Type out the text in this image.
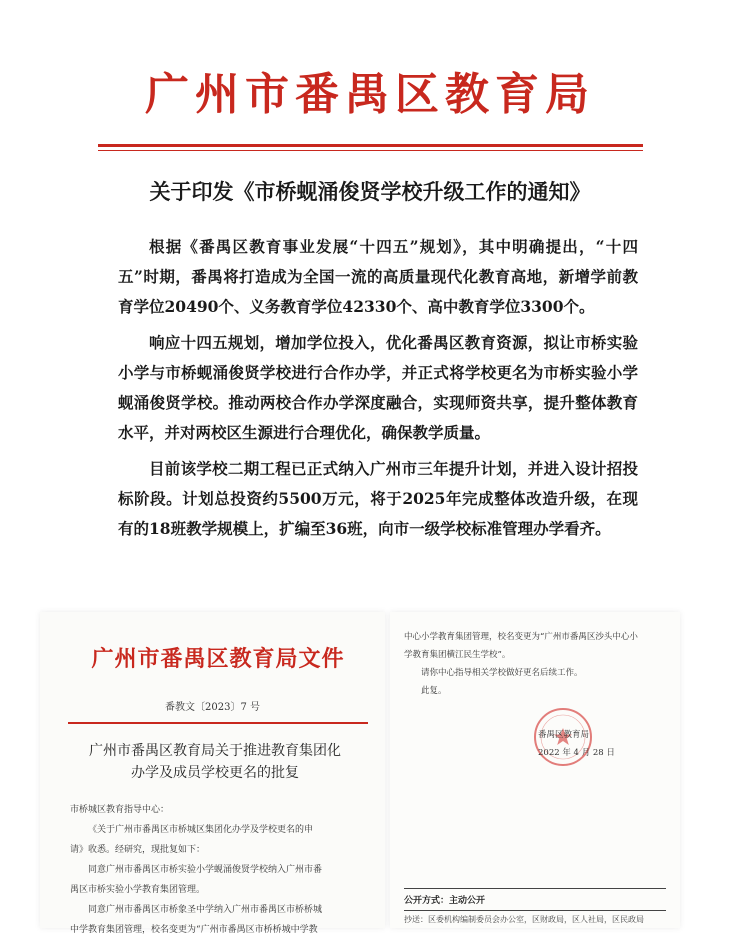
广州市番禺区教育局
关于印发《市桥蚬涌俊贤学校升级工作的通知》

根据《番禺区教育事业发展“十四五”规划》，其中明确提出，“十四五”时期，番禺将打造成为全国一流的高质量现代化教育高地，新增学前教育学位20490个、义务教育学位42330个、高中教育学位3300个。

响应十四五规划，增加学位投入，优化番禺区教育资源，拟让市桥实验小学与市桥蚬涌俊贤学校进行合作办学，并正式将学校更名为市桥实验小学蚬涌俊贤学校。推动两校合作办学深度融合，实现师资共享，提升整体教育水平，并对两校区生源进行合理优化，确保教学质量。

目前该学校二期工程已正式纳入广州市三年提升计划，并进入设计招投标阶段。计划总投资约5500万元，将于2025年完成整体改造升级，在现有的18班教学规模上，扩编至36班，向市一级学校标准管理办学看齐。

广州市番禺区教育局文件
番教文〔2023〕7 号
广州市番禺区教育局关于推进教育集团化
办学及成员学校更名的批复

市桥城区教育指导中心：

《关于广州市番禺区市桥城区集团化办学及学校更名的申

请》收悉。经研究，现批复如下：

同意广州市番禺区市桥实验小学蚬涌俊贤学校纳入广州市番

禺区市桥实验小学教育集团管理。

同意广州市番禺区市桥象圣中学纳入广州市番禺区市桥桥城

中学教育集团管理，校名变更为“广州市番禺区市桥桥城中学教

中心小学教育集团管理，校名变更为“广州市番禺区沙头中心小

学教育集团横江民生学校”。

请你中心指导相关学校做好更名后续工作。

此复。

番禺区教育局
2022 年 4 月 28 日
公开方式：主动公开
抄送：区委机构编制委员会办公室，区财政局，区人社局，区民政局
